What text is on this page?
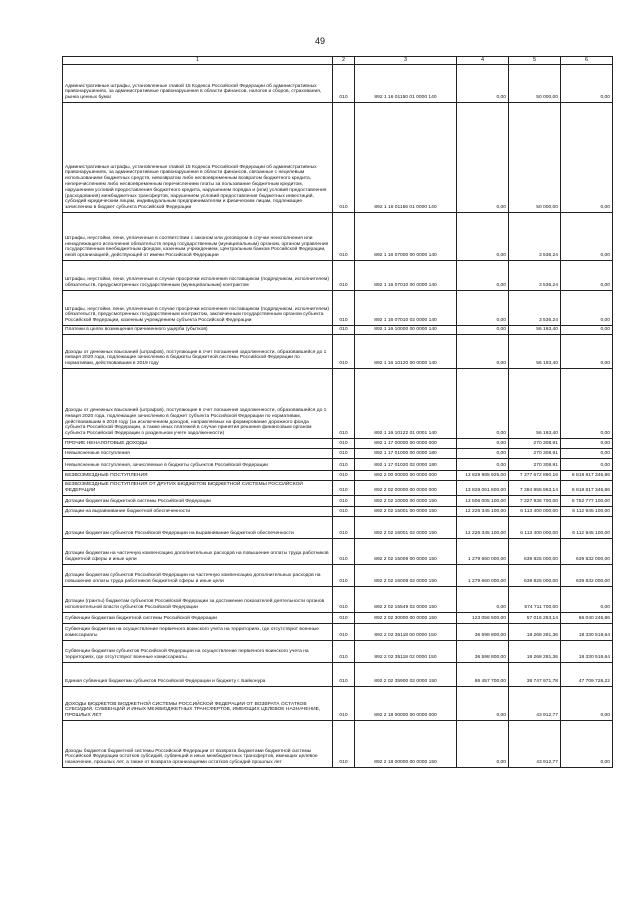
49
1	2	3	4	5	6

Административные штрафы, установленные главой 15 Кодекса Российской Федерации об административных правонарушениях, за административные правонарушения в области финансов, налогов и сборов, страхования, рынка ценных бумаг	010	892 1 16 01150 01 0000 140	0,00	50 000,00	0,00

Административные штрафы, установленные главой 15 Кодекса Российской Федерации об административных правонарушениях, за административные правонарушения в области финансов, связанные с нецелевым использованием бюджетных средств, невозвратом либо несвоевременным возвратом бюджетного кредита, неперечислением либо несвоевременным перечислением платы за пользование бюджетным кредитом, нарушением условий предоставления бюджетного кредита, нарушением порядка и (или) условий предоставления (расходования) межбюджетных трансфертов, нарушением условий предоставления бюджетных инвестиций, субсидий юридическим лицам, индивидуальным предпринимателям и физическим лицам, подлежащие зачислению в бюджет субъекта Российской Федерации	010	892 1 16 01156 01 0000 140	0,00	50 000,00	0,00

Штрафы, неустойки, пени, уплаченные в соответствии с законом или договором в случае неисполнения или ненадлежащего исполнения обязательств перед государственным (муниципальным) органом, органом управления государственным внебюджетным фондом, казенным учреждением, Центральным банком Российской Федерации, иной организацией, действующей от имени Российской Федерации	010	892 1 16 07000 00 0000 140	0,00	3 536,24	0,00

Штрафы, неустойки, пени, уплаченные в случае просрочки исполнения поставщиком (подрядчиком, исполнителем) обязательств, предусмотренных государственным (муниципальным) контрактом	010	892 1 16 07010 00 0000 140	0,00	3 536,24	0,00

Штрафы, неустойки, пени, уплаченные в случае просрочки исполнения поставщиком (подрядчиком, исполнителем) обязательств, предусмотренных государственным контрактом, заключенным государственным органом субъекта Российской Федерации, казенным учреждением субъекта Российской Федерации	010	892 1 16 07010 02 0000 140	0,00	3 536,24	0,00

Платежи в целях возмещения причиненного ущерба (убытков)	010	892 1 16 10000 00 0000 140	0,00	56 193,40	0,00

Доходы от денежных взысканий (штрафов), поступающие в счет погашения задолженности, образовавшейся до 1 января 2020 года, подлежащие зачислению в бюджеты бюджетной системы Российской Федерации по нормативам, действовавшим в 2019 году	010	892 1 16 10120 00 0000 140	0,00	56 193,40	0,00

Доходы от денежных взысканий (штрафов), поступающие в счет погашения задолженности, образовавшейся до 1 января 2020 года, подлежащие зачислению в бюджет субъекта Российской Федерации по нормативам, действовавшим в 2019 году (за исключением доходов, направляемых на формирование дорожного фонда субъекта Российской Федерации, а также иных платежей в случае принятия решения финансовым органом субъекта Российской Федерации о раздельном учете задолженности)	010	892 1 16 10122 01 0001 140	0,00	56 193,40	0,00

ПРОЧИЕ НЕНАЛОГОВЫЕ ДОХОДЫ	010	892 1 17 00000 00 0000 000	0,00	270 308,91	0,00

Невыясненные поступления	010	892 1 17 01000 00 0000 180	0,00	270 308,91	0,00

Невыясненные поступления, зачисляемые в бюджеты субъектов Российской Федерации	010	892 1 17 01020 02 0000 180	0,00	270 308,91	0,00

БЕЗВОЗМЕЗДНЫЕ ПОСТУПЛЕНИЯ	010	892 2 00 00000 00 0000 000	13 829 985 925,00	7 377 672 880,16	6 818 817 346,86

БЕЗВОЗМЕЗДНЫЕ ПОСТУПЛЕНИЯ ОТ ДРУГИХ БЮДЖЕТОВ БЮДЖЕТНОЙ СИСТЕМЫ РОССИЙСКОЙ ФЕДЕРАЦИИ	010	892 2 02 00000 00 0000 000	13 829 061 600,00	7 384 955 963,14	6 818 817 346,86

Дотации бюджетам бюджетной системы Российской Федерации	010	892 2 02 10000 00 0000 150	13 506 005 100,00	7 327 936 700,00	6 752 777 100,00

Дотации на выравнивание бюджетной обеспеченности	010	892 2 02 15001 00 0000 150	12 226 345 100,00	6 113 400 000,00	6 112 945 100,00

Дотации бюджетам субъектов Российской Федерации на выравнивание бюджетной обеспеченности	010	892 2 02 15001 02 0000 150	12 226 345 100,00	6 113 400 000,00	6 112 945 100,00

Дотации бюджетам на частичную компенсацию дополнительных расходов на повышение оплаты труда работников бюджетной сферы и иные цели	010	892 2 02 15009 00 0000 150	1 279 660 000,00	639 825 000,00	639 832 000,00

Дотации бюджетам субъектов Российской Федерации на частичную компенсацию дополнительных расходов на повышение оплаты труда работников бюджетной сферы и иные цели	010	892 2 02 15009 02 0000 150	1 279 660 000,00	639 825 000,00	639 832 000,00

Дотации (гранты) бюджетам субъектов Российской Федерации за достижение показателей деятельности органов исполнительной власти субъектов Российской Федерации	010	892 2 02 15549 02 0000 150	0,00	574 711 700,00	0,00

Субвенции бюджетам бюджетной системы Российской Федерации	010	892 2 02 30000 00 0000 150	123 056 500,00	57 016 253,14	66 040 246,86

Субвенции бюджетам на осуществление первичного воинского учета на территориях, где отсутствуют военные комиссариаты	010	892 2 02 35118 00 0000 150	36 598 800,00	18 268 281,36	18 330 518,64

Субвенции бюджетам субъектов Российской Федерации на осуществление первичного воинского учета на территориях, где отсутствуют военные комиссариаты	010	892 2 02 35118 02 0000 150	36 598 800,00	18 268 281,36	18 330 518,64

Единая субвенция бюджетам субъектов Российской Федерации и бюджету г. Байконура	010	892 2 02 35900 02 0000 150	86 457 700,00	38 747 971,78	47 709 728,22

ДОХОДЫ БЮДЖЕТОВ БЮДЖЕТНОЙ СИСТЕМЫ РОССИЙСКОЙ ФЕДЕРАЦИИ ОТ ВОЗВРАТА ОСТАТКОВ СУБСИДИЙ, СУБВЕНЦИЙ И ИНЫХ МЕЖБЮДЖЕТНЫХ ТРАНСФЕРТОВ, ИМЕЮЩИХ ЦЕЛЕВОЕ НАЗНАЧЕНИЕ, ПРОШЛЫХ ЛЕТ	010	892 2 18 00000 00 0000 000	0,00	43 912,77	0,00

Доходы бюджетов бюджетной системы Российской Федерации от возврата бюджетами бюджетной системы Российской Федерации остатков субсидий, субвенций и иных межбюджетных трансфертов, имеющих целевое назначение, прошлых лет, а также от возврата организациями остатков субсидий прошлых лет	010	892 2 18 00000 00 0000 150	0,00	43 912,77	0,00
